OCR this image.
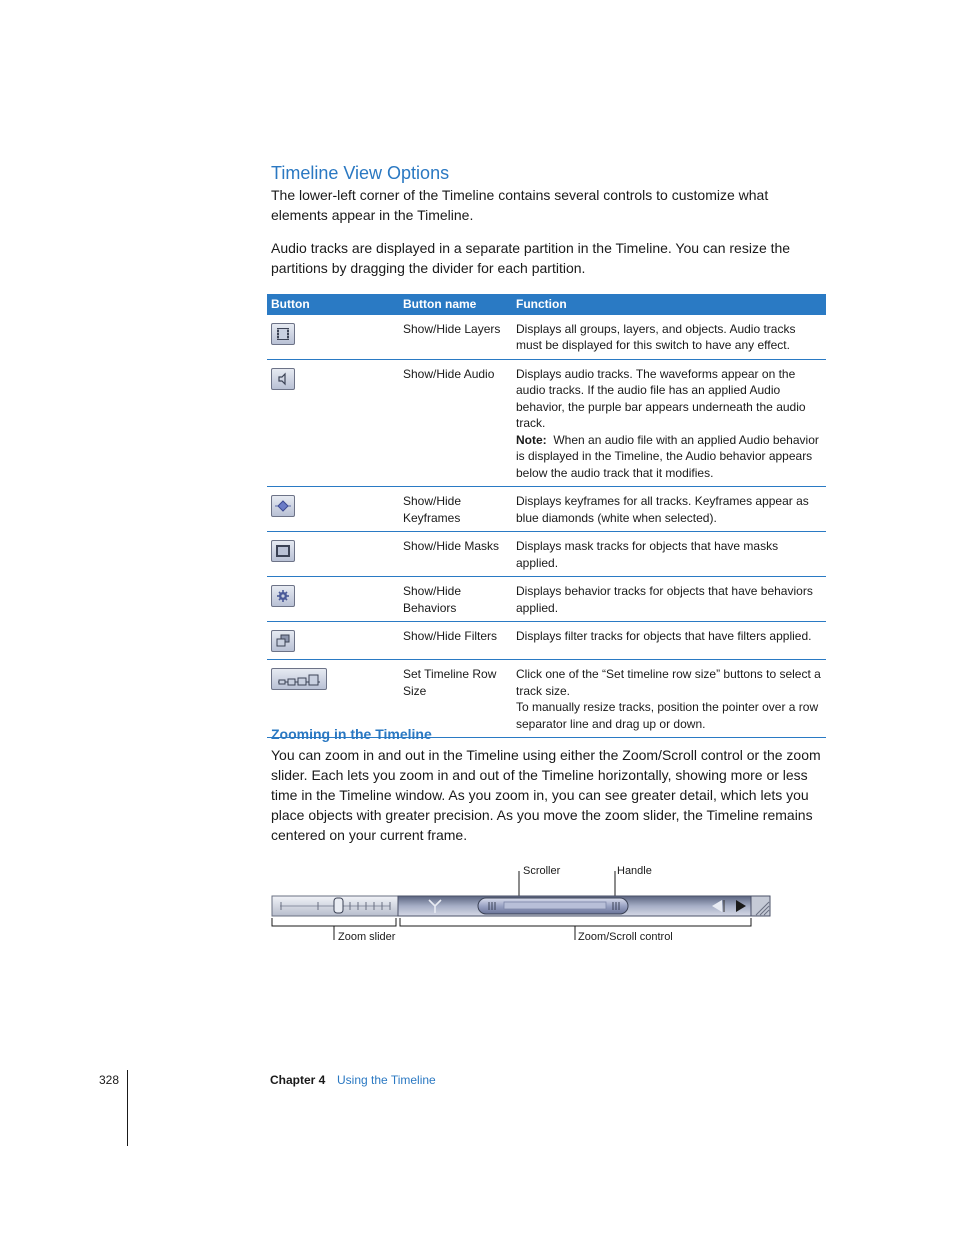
Timeline View Options
The lower-left corner of the Timeline contains several controls to customize what elements appear in the Timeline.
Audio tracks are displayed in a separate partition in the Timeline. You can resize the partitions by dragging the divider for each partition.
Button	Button name	Function

	Show/Hide Layers	Displays all groups, layers, and objects. Audio tracks must be displayed for this switch to have any effect.

	Show/Hide Audio	Displays audio tracks. The waveforms appear on the audio tracks. If the audio file has an applied Audio behavior, the purple bar appears underneath the audio track.

Note: When an audio file with an applied Audio behavior is displayed in the Timeline, the Audio behavior appears below the audio track that it modifies.

	Show/Hide Keyframes	Displays keyframes for all tracks. Keyframes appear as blue diamonds (white when selected).

	Show/Hide Masks	Displays mask tracks for objects that have masks applied.

	Show/Hide Behaviors	Displays behavior tracks for objects that have behaviors applied.

	Show/Hide Filters	Displays filter tracks for objects that have filters applied.

	Set Timeline Row Size	Click one of the “Set timeline row size” buttons to select a track size.

To manually resize tracks, position the pointer over a row separator line and drag up or down.

Zooming in the Timeline
You can zoom in and out in the Timeline using either the Zoom/Scroll control or the zoom slider. Each lets you zoom in and out of the Timeline horizontally, showing more or less time in the Timeline window. As you zoom in, you can see greater detail, which lets you place objects with greater precision. As you move the zoom slider, the Timeline remains centered on your current frame.
Scroller	Handle
Zoom slider	Zoom/Scroll control
328	Chapter 4 Using the Timeline
